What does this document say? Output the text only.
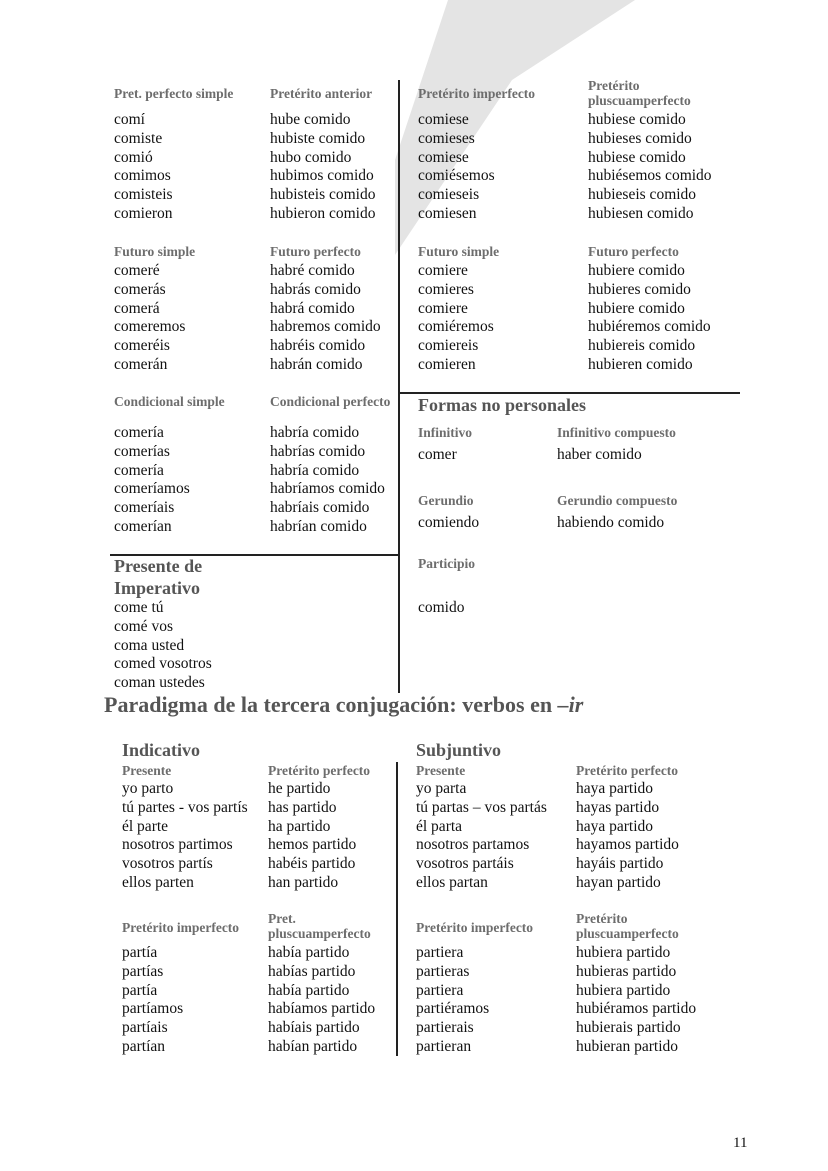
Pret. perfecto simple
comí
comiste
comió
comimos
comisteis
comieron
Pretérito anterior
hube comido
hubiste comido
hubo comido
hubimos comido
hubisteis comido
hubieron comido
Pretérito imperfecto
comiese
comieses
comiese
comiésemos
comieseis
comiesen
Pretérito
pluscuamperfecto
hubiese comido
hubieses comido
hubiese comido
hubiésemos comido
hubieseis comido
hubiesen comido
Futuro simple
comeré
comerás
comerá
comeremos
comeréis
comerán
Futuro perfecto
habré comido
habrás comido
habrá comido
habremos comido
habréis comido
habrán comido
Futuro simple
comiere
comieres
comiere
comiéremos
comiereis
comieren
Futuro perfecto
hubiere comido
hubieres comido
hubiere comido
hubiéremos comido
hubiereis comido
hubieren comido
Condicional simple
comería
comerías
comería
comeríamos
comeríais
comerían
Condicional perfecto
habría comido
habrías comido
habría comido
habríamos comido
habríais comido
habrían comido
Formas no personales
Infinitivo
comer
Infinitivo compuesto
haber comido
Gerundio
comiendo
Gerundio compuesto
habiendo comido
Participio
comido
Presente de
Imperativo
come tú
comé vos
coma usted
comed vosotros
coman ustedes
Paradigma de la tercera conjugación: verbos en –ir
Indicativo	Subjuntivo
Presente
yo parto
tú partes - vos partís
él parte
nosotros partimos
vosotros partís
ellos parten
Pretérito perfecto
he partido
has partido
ha partido
hemos partido
habéis partido
han partido
Presente
yo parta
tú partas – vos partás
él parta
nosotros partamos
vosotros partáis
ellos partan
Pretérito perfecto
haya partido
hayas partido
haya partido
hayamos partido
hayáis partido
hayan partido
Pretérito imperfecto
partía
partías
partía
partíamos
partíais
partían
Pret.
pluscuamperfecto
había partido
habías partido
había partido
habíamos partido
habíais partido
habían partido
Pretérito imperfecto
partiera
partieras
partiera
partiéramos
partierais
partieran
Pretérito
pluscuamperfecto
hubiera partido
hubieras partido
hubiera partido
hubiéramos partido
hubierais partido
hubieran partido
11
